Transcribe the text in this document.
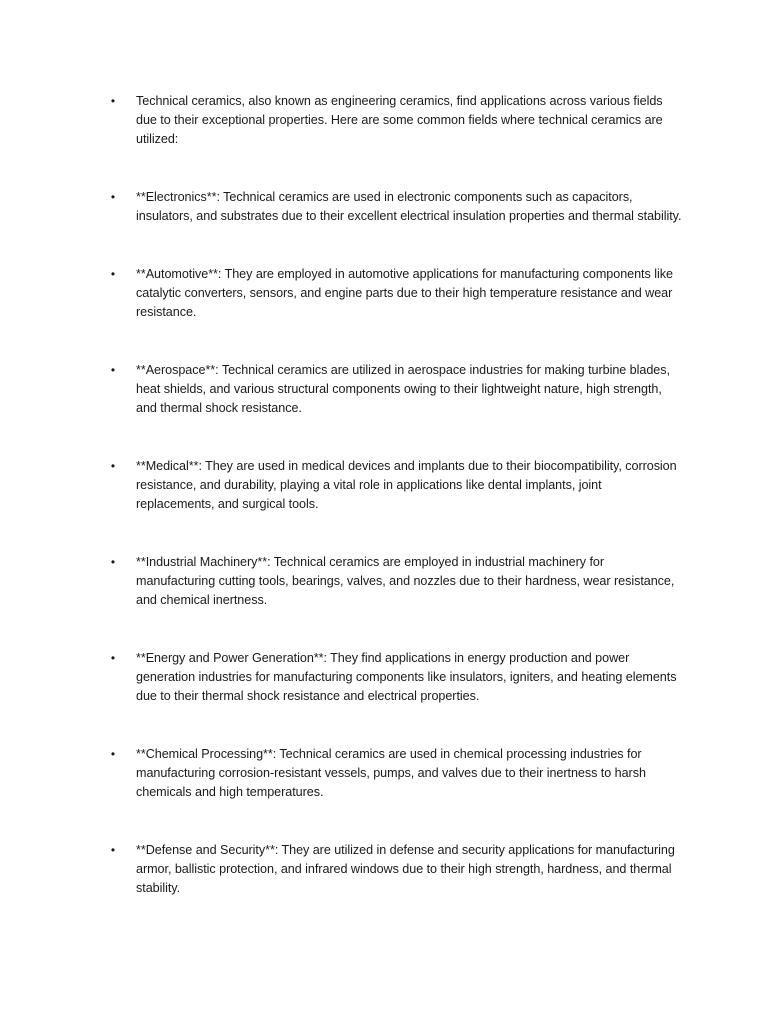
• Technical ceramics, also known as engineering ceramics, find applications across various fields due to their exceptional properties. Here are some common fields where technical ceramics are utilized:
• **Electronics**: Technical ceramics are used in electronic components such as capacitors, insulators, and substrates due to their excellent electrical insulation properties and thermal stability.
• **Automotive**: They are employed in automotive applications for manufacturing components like catalytic converters, sensors, and engine parts due to their high temperature resistance and wear resistance.
• **Aerospace**: Technical ceramics are utilized in aerospace industries for making turbine blades, heat shields, and various structural components owing to their lightweight nature, high strength, and thermal shock resistance.
• **Medical**: They are used in medical devices and implants due to their biocompatibility, corrosion resistance, and durability, playing a vital role in applications like dental implants, joint replacements, and surgical tools.
• **Industrial Machinery**: Technical ceramics are employed in industrial machinery for manufacturing cutting tools, bearings, valves, and nozzles due to their hardness, wear resistance, and chemical inertness.
• **Energy and Power Generation**: They find applications in energy production and power generation industries for manufacturing components like insulators, igniters, and heating elements due to their thermal shock resistance and electrical properties.
• **Chemical Processing**: Technical ceramics are used in chemical processing industries for manufacturing corrosion-resistant vessels, pumps, and valves due to their inertness to harsh chemicals and high temperatures.
• **Defense and Security**: They are utilized in defense and security applications for manufacturing armor, ballistic protection, and infrared windows due to their high strength, hardness, and thermal stability.
